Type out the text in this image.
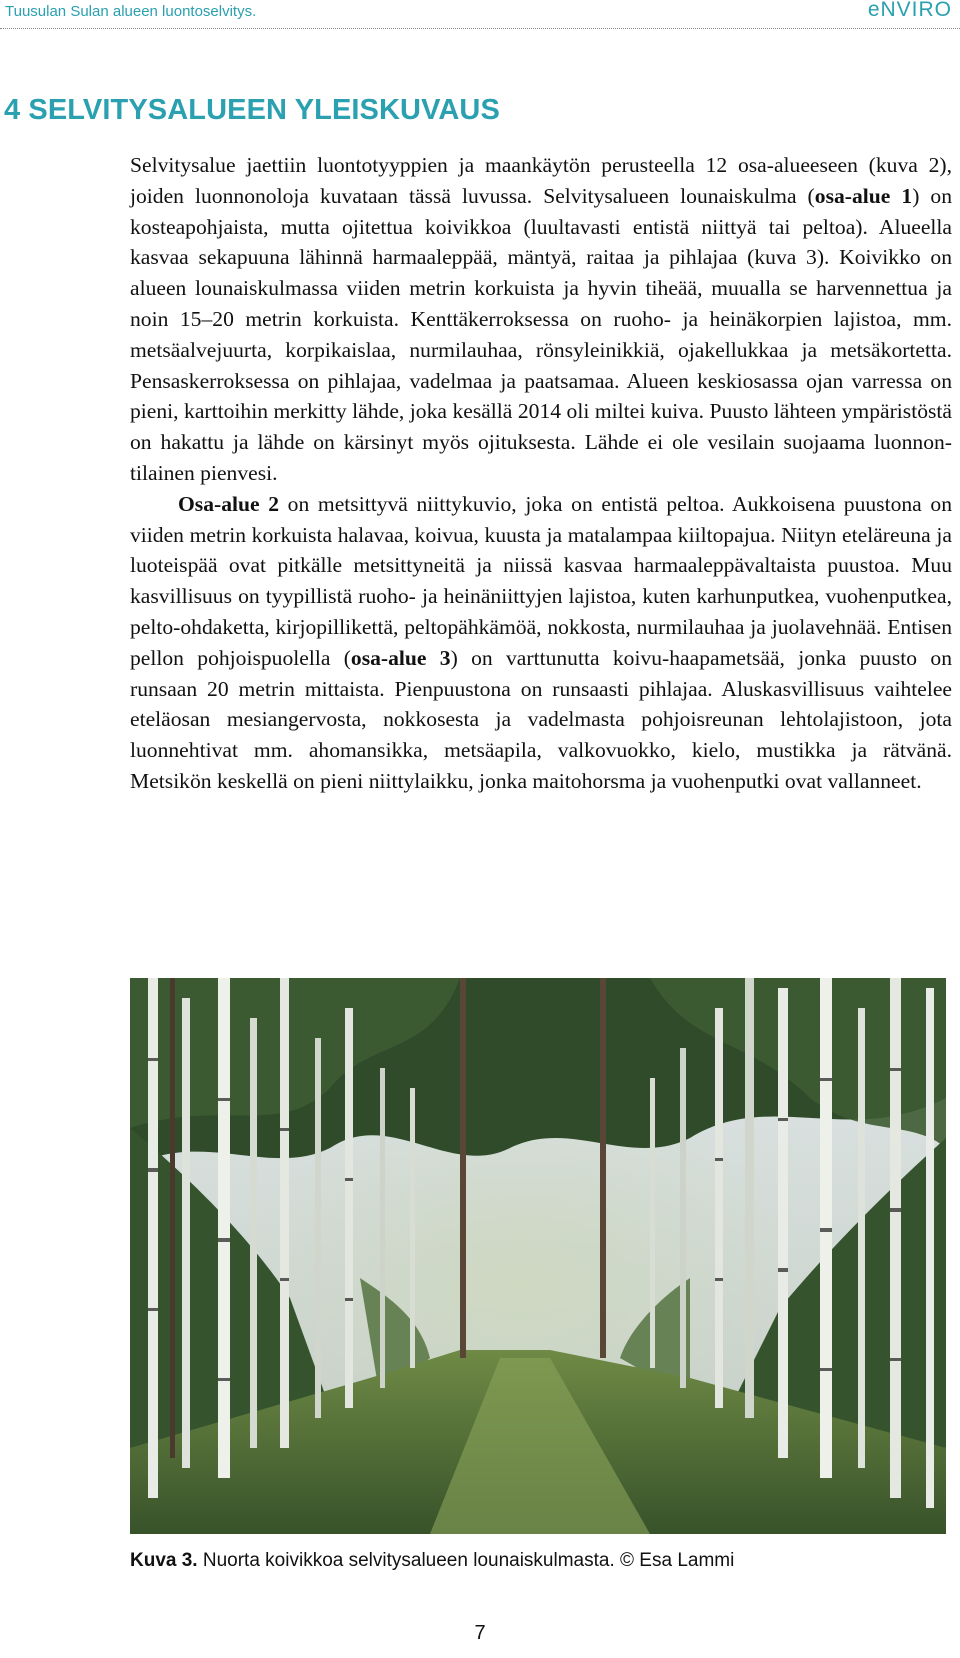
Tuusulan Sulan alueen luontoselvitys.	eNVIRO
4 SELVITYSALUEEN YLEISKUVAUS

Selvitysalue jaettiin luontotyyppien ja maankäytön perusteella 12 osa-alueeseen (kuva 2), joiden luonnonoloja kuvataan tässä luvussa. Selvitysalueen lounaiskulma (osa-alue 1) on kosteapohjaista, mutta ojitettua koivikkoa (luultavasti entistä niittyä tai peltoa). Alueella kasvaa sekapuuna lähinnä harmaaleppää, mäntyä, raitaa ja pihlajaa (kuva 3). Koivikko on alueen lounaiskulmassa viiden metrin korkuista ja hyvin tiheää, muualla se harvennettua ja noin 15–20 metrin korkuista. Kenttäkerroksessa on ruoho- ja heinäkorpien lajistoa, mm. metsäalvejuurta, korpikaislaa, nurmilauhaa, rönsyleinikkiä, ojakellukkaa ja metsäkortetta. Pensaskerroksessa on pihlajaa, vadelmaa ja paatsamaa. Alueen keskiosassa ojan varressa on pieni, karttoihin merkitty lähde, joka kesällä 2014 oli miltei kuiva. Puusto lähteen ympäristöstä on hakattu ja lähde on kärsinyt myös ojituksesta. Lähde ei ole vesilain suojaama luonnontilainen pienvesi.

Osa-alue 2 on metsittyvä niittykuvio, joka on entistä peltoa. Aukkoisena puustona on viiden metrin korkuista halavaa, koivua, kuusta ja matalampaa kiiltopajua. Niityn eteläreuna ja luoteispää ovat pitkälle metsittyneitä ja niissä kasvaa harmaaleppävaltaista puustoa. Muu kasvillisuus on tyypillistä ruoho- ja heinäniittyjen lajistoa, kuten karhunputkea, vuohenputkea, pelto-ohdaketta, kirjopillikettä, peltopähkämöä, nokkosta, nurmilauhaa ja juolavehnää. Entisen pellon pohjoispuolella (osa-alue 3) on varttunutta koivu-haapametsää, jonka puusto on runsaan 20 metrin mittaista. Pienpuustona on runsaasti pihlajaa. Aluskasvillisuus vaihtelee eteläosan mesiangervosta, nokkosesta ja vadelmasta pohjoisreunan lehtolajistoon, jota luonnehtivat mm. ahomansikka, metsäapila, valkovuokko, kielo, mustikka ja rätvänä. Metsikön keskellä on pieni niittylaikku, jonka maitohorsma ja vuohenputki ovat vallanneet.

Kuva 3. Nuorta koivikkoa selvitysalueen lounaiskulmasta. © Esa Lammi
7
